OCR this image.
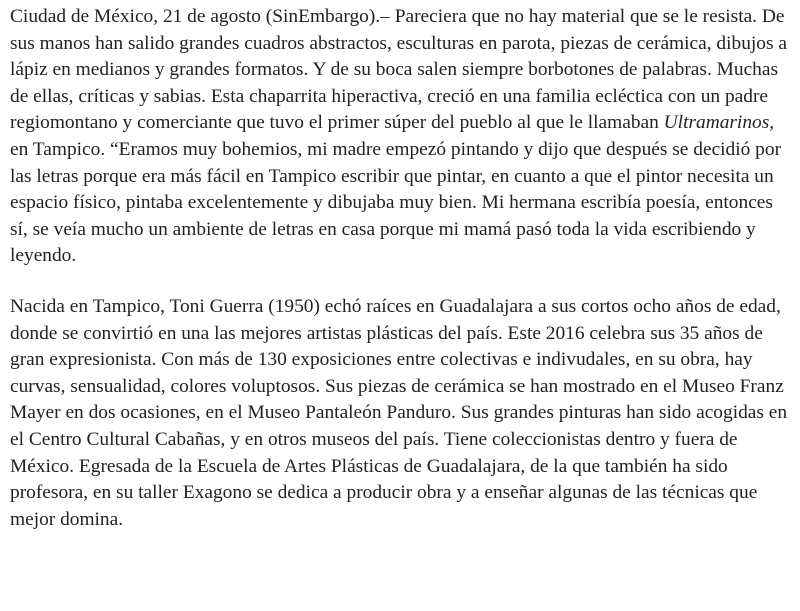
Ciudad de México, 21 de agosto (SinEmbargo).– Pareciera que no hay material que se le resista. De sus manos han salido grandes cuadros abstractos, esculturas en parota, piezas de cerámica, dibujos a lápiz en medianos y grandes formatos. Y de su boca salen siempre borbotones de palabras. Muchas de ellas, críticas y sabias. Esta chaparrita hiperactiva, creció en una familia ecléctica con un padre regiomontano y comerciante que tuvo el primer súper del pueblo al que le llamaban Ultramarinos, en Tampico. “Eramos muy bohemios, mi madre empezó pintando y dijo que después se decidió por las letras porque era más fácil en Tampico escribir que pintar, en cuanto a que el pintor necesita un espacio físico, pintaba excelentemente y dibujaba muy bien. Mi hermana escribía poesía, entonces sí, se veía mucho un ambiente de letras en casa porque mi mamá pasó toda la vida escribiendo y leyendo.

Nacida en Tampico, Toni Guerra (1950) echó raíces en Guadalajara a sus cortos ocho años de edad, donde se convirtió en una las mejores artistas plásticas del país. Este 2016 celebra sus 35 años de gran expresionista. Con más de 130 exposiciones entre colectivas e indivudales, en su obra, hay curvas, sensualidad, colores voluptosos. Sus piezas de cerámica se han mostrado en el Museo Franz Mayer en dos ocasiones, en el Museo Pantaleón Panduro. Sus grandes pinturas han sido acogidas en el Centro Cultural Cabañas, y en otros museos del país. Tiene coleccionistas dentro y fuera de México. Egresada de la Escuela de Artes Plásticas de Guadalajara, de la que también ha sido profesora, en su taller Exagono se dedica a producir obra y a enseñar algunas de las técnicas que mejor domina.
